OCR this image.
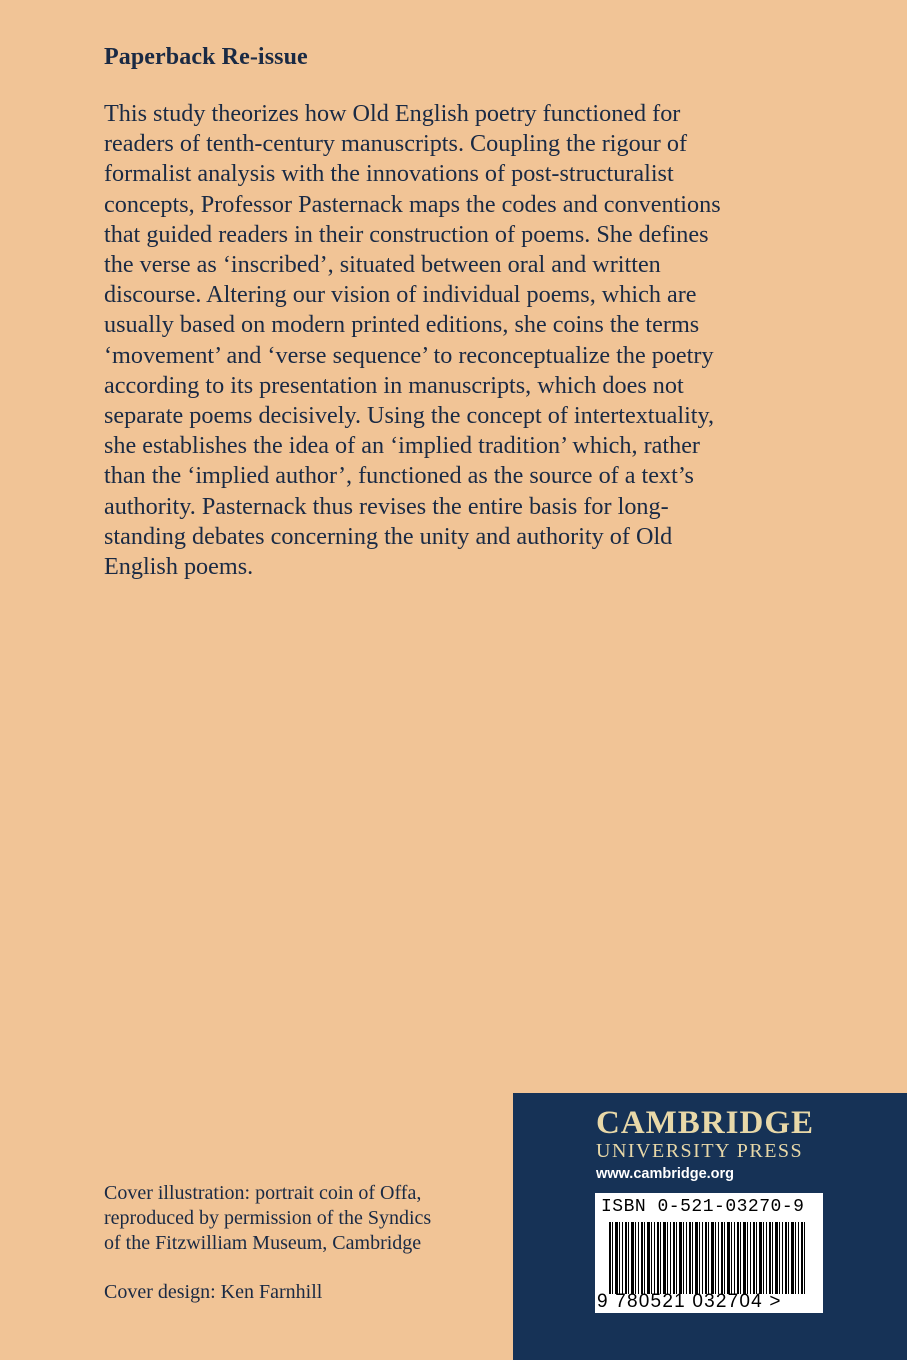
Paperback Re-issue

This study theorizes how Old English poetry functioned for
readers of tenth-century manuscripts. Coupling the rigour of
formalist analysis with the innovations of post-structuralist
concepts, Professor Pasternack maps the codes and conventions
that guided readers in their construction of poems. She defines
the verse as ‘inscribed’, situated between oral and written
discourse. Altering our vision of individual poems, which are
usually based on modern printed editions, she coins the terms
‘movement’ and ‘verse sequence’ to reconceptualize the poetry
according to its presentation in manuscripts, which does not
separate poems decisively. Using the concept of intertextuality,
she establishes the idea of an ‘implied tradition’ which, rather
than the ‘implied author’, functioned as the source of a text’s
authority. Pasternack thus revises the entire basis for long-
standing debates concerning the unity and authority of Old
English poems.

Cover illustration: portrait coin of Offa,
reproduced by permission of the Syndics
of the Fitzwilliam Museum, Cambridge

Cover design: Ken Farnhill

CAMBRIDGE
UNIVERSITY PRESS
www.cambridge.org
ISBN 0-521-03270-9
9 780521 032704 >
